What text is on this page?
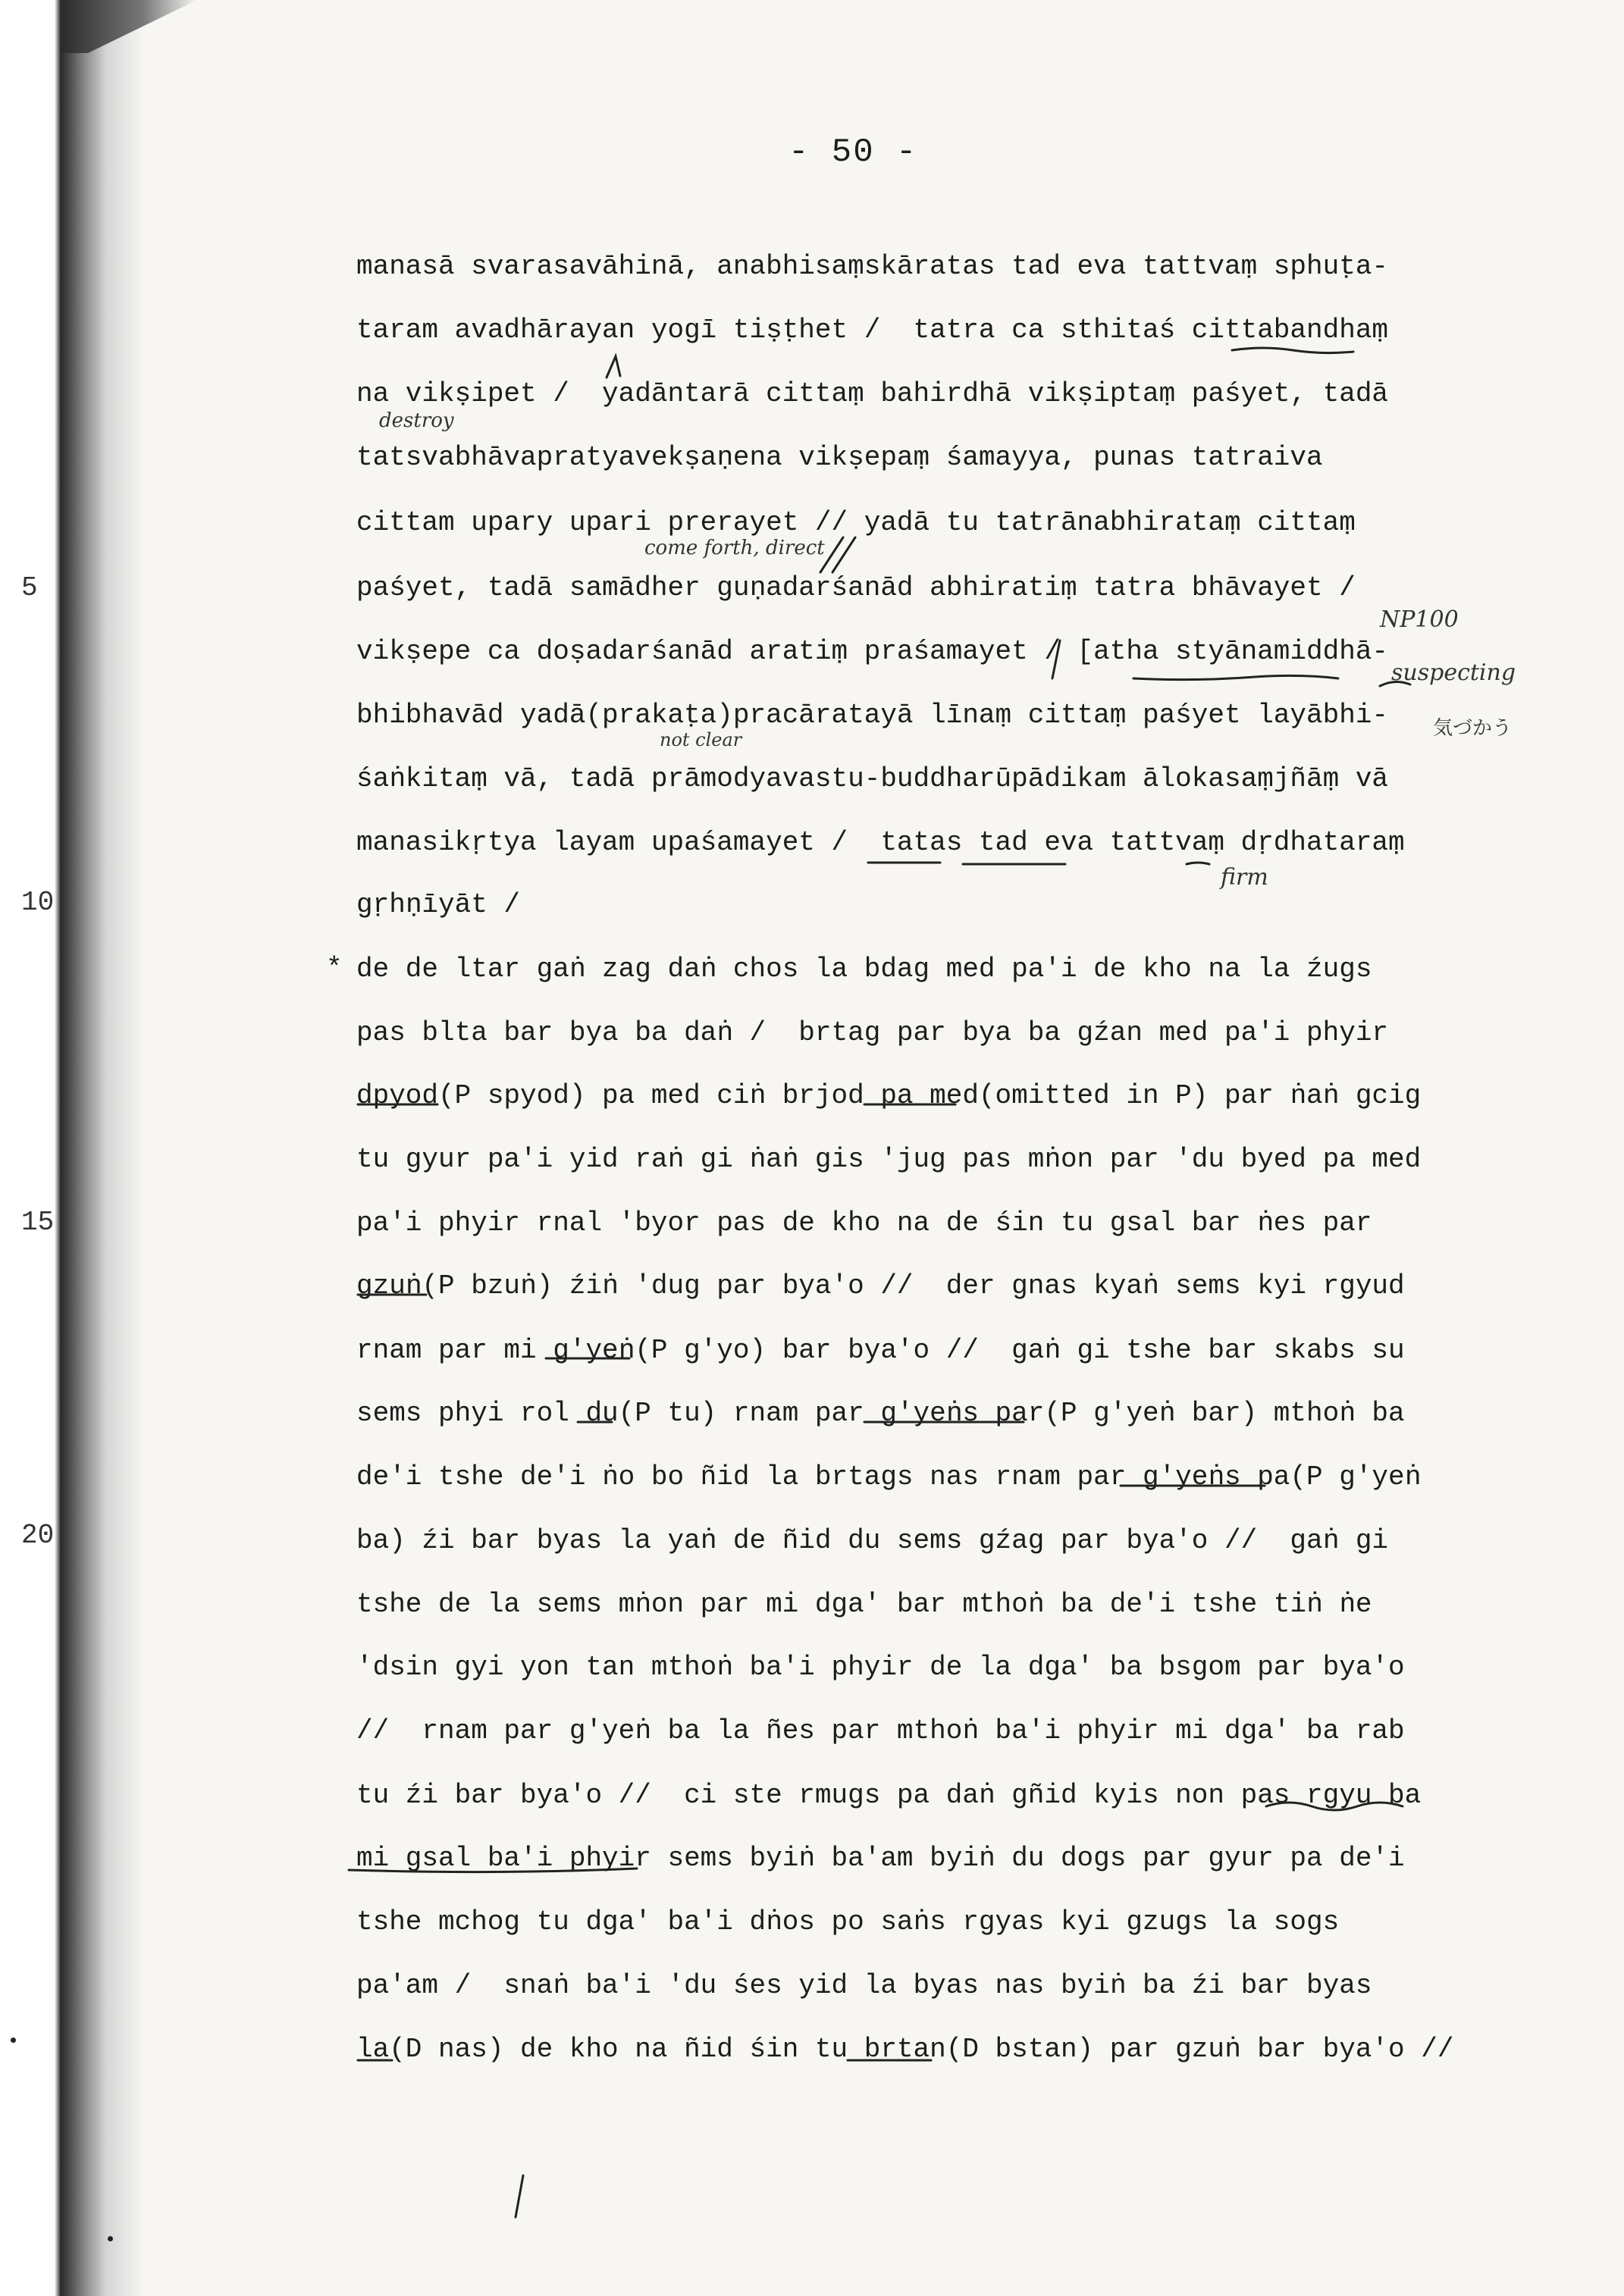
- 50 -
5
10
15
20
*
manasā svarasavāhinā, anabhisaṃskāratas tad eva tattvaṃ sphuṭa-
taram avadhārayan yogī tiṣṭhet /  tatra ca sthitaś cittabandhaṃ
na vikṣipet /  yadāntarā cittaṃ bahirdhā vikṣiptaṃ paśyet, tadā
tatsvabhāvapratyavekṣaṇena vikṣepaṃ śamayya, punas tatraiva
cittam upary upari prerayet // yadā tu tatrānabhirataṃ cittaṃ
paśyet, tadā samādher guṇadarśanād abhiratiṃ tatra bhāvayet /
vikṣepe ca doṣadarśanād aratiṃ praśamayet / [atha styānamiddhā-
bhibhavād yadā(prakaṭa)pracāratayā līnaṃ cittaṃ paśyet layābhi-
śaṅkitaṃ vā, tadā prāmodyavastu-buddharūpādikam ālokasaṃjñāṃ vā
manasikṛtya layam upaśamayet /  tatas tad eva tattvaṃ dṛdhataraṃ
gṛhṇīyāt /
de de ltar gaṅ zag daṅ chos la bdag med pa'i de kho na la źugs
pas blta bar bya ba daṅ /  brtag par bya ba gźan med pa'i phyir
dpyod(P spyod) pa med ciṅ brjod pa med(omitted in P) par ṅaṅ gcig
tu gyur pa'i yid raṅ gi ṅaṅ gis 'jug pas mṅon par 'du byed pa med
pa'i phyir rnal 'byor pas de kho na de śin tu gsal bar ṅes par
gzuṅ(P bzuṅ) źiṅ 'dug par bya'o //  der gnas kyaṅ sems kyi rgyud
rnam par mi g'yeṅ(P g'yo) bar bya'o //  gaṅ gi tshe bar skabs su
sems phyi rol du(P tu) rnam par g'yeṅs par(P g'yeṅ bar) mthoṅ ba
de'i tshe de'i ṅo bo ñid la brtags nas rnam par g'yeṅs pa(P g'yeṅ
ba) źi bar byas la yaṅ de ñid du sems gźag par bya'o //  gaṅ gi
tshe de la sems mṅon par mi dga' bar mthoṅ ba de'i tshe tiṅ ṅe
'dsin gyi yon tan mthoṅ ba'i phyir de la dga' ba bsgom par bya'o
//  rnam par g'yeṅ ba la ñes par mthoṅ ba'i phyir mi dga' ba rab
tu źi bar bya'o //  ci ste rmugs pa daṅ gñid kyis non pas rgyu ba
mi gsal ba'i phyir sems byiṅ ba'am byiṅ du dogs par gyur pa de'i
tshe mchog tu dga' ba'i dṅos po saṅs rgyas kyi gzugs la sogs
pa'am /  snaṅ ba'i 'du śes yid la byas nas byiṅ ba źi bar byas
la(D nas) de kho na ñid śin tu brtan(D bstan) par gzuṅ bar bya'o //
destroy
come forth, direct
NP100
suspecting
気づかう
not clear
firm
